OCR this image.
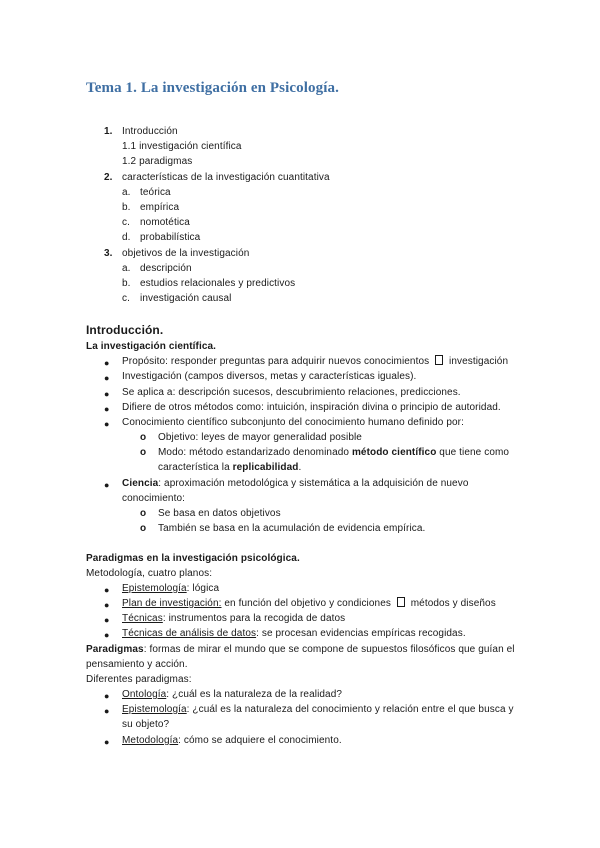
Tema 1. La investigación en Psicología.
1. Introducción
1.1 investigación científica
1.2 paradigmas
2. características de la investigación cuantitativa
a. teórica
b. empírica
c. nomotética
d. probabilística
3. objetivos de la investigación
a. descripción
b. estudios relacionales y predictivos
c. investigación causal
Introducción.
La investigación científica.
● Propósito: responder preguntas para adquirir nuevos conocimientos  investigación
● Investigación (campos diversos, metas y características iguales).
● Se aplica a: descripción sucesos, descubrimiento relaciones, predicciones.
● Difiere de otros métodos como: intuición, inspiración divina o principio de autoridad.
● Conocimiento científico subconjunto del conocimiento humano definido por:
o Objetivo: leyes de mayor generalidad posible
o Modo: método estandarizado denominado método científico que tiene como
característica la replicabilidad.
● Ciencia: aproximación metodológica y sistemática a la adquisición de nuevo
conocimiento:
o Se basa en datos objetivos
o También se basa en la acumulación de evidencia empírica.
Paradigmas en la investigación psicológica.
Metodología, cuatro planos:
● Epistemología: lógica
● Plan de investigación: en función del objetivo y condiciones  métodos y diseños
● Técnicas: instrumentos para la recogida de datos
● Técnicas de análisis de datos: se procesan evidencias empíricas recogidas.
Paradigmas: formas de mirar el mundo que se compone de supuestos filosóficos que guían el
pensamiento y acción.
Diferentes paradigmas:
● Ontología: ¿cuál es la naturaleza de la realidad?
● Epistemología: ¿cuál es la naturaleza del conocimiento y relación entre el que busca y
su objeto?
● Metodología: cómo se adquiere el conocimiento.
